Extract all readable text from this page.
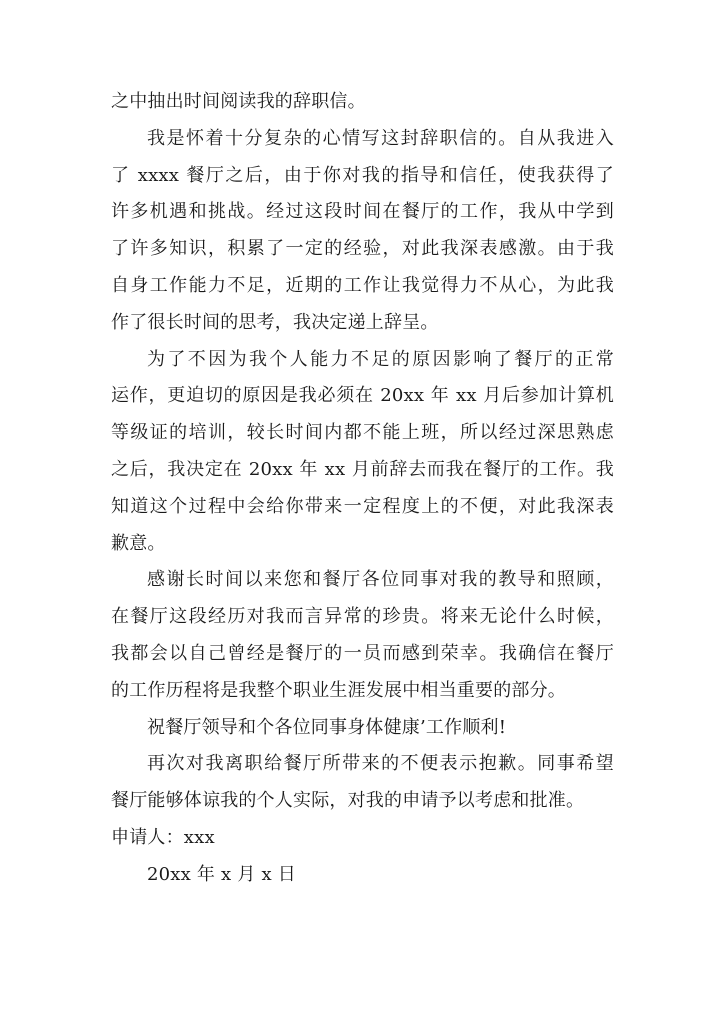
之中抽出时间阅读我的辞职信。
我是怀着十分复杂的心情写这封辞职信的。自从我进入
了 xxxx 餐厅之后，由于你对我的指导和信任，使我获得了
许多机遇和挑战。经过这段时间在餐厅的工作，我从中学到
了许多知识，积累了一定的经验，对此我深表感激。由于我
自身工作能力不足，近期的工作让我觉得力不从心，为此我
作了很长时间的思考，我决定递上辞呈。
为了不因为我个人能力不足的原因影响了餐厅的正常
运作，更迫切的原因是我必须在 20xx 年 xx 月后参加计算机
等级证的培训，较长时间内都不能上班，所以经过深思熟虑
之后，我决定在 20xx 年 xx 月前辞去而我在餐厅的工作。我
知道这个过程中会给你带来一定程度上的不便，对此我深表
歉意。
感谢长时间以来您和餐厅各位同事对我的教导和照顾，
在餐厅这段经历对我而言异常的珍贵。将来无论什么时候，
我都会以自己曾经是餐厅的一员而感到荣幸。我确信在餐厅
的工作历程将是我整个职业生涯发展中相当重要的部分。
祝餐厅领导和个各位同事身体健康’工作顺利!
再次对我离职给餐厅所带来的不便表示抱歉。同事希望
餐厅能够体谅我的个人实际，对我的申请予以考虑和批准。
申请人：xxx
20xx 年 x 月 x 日
